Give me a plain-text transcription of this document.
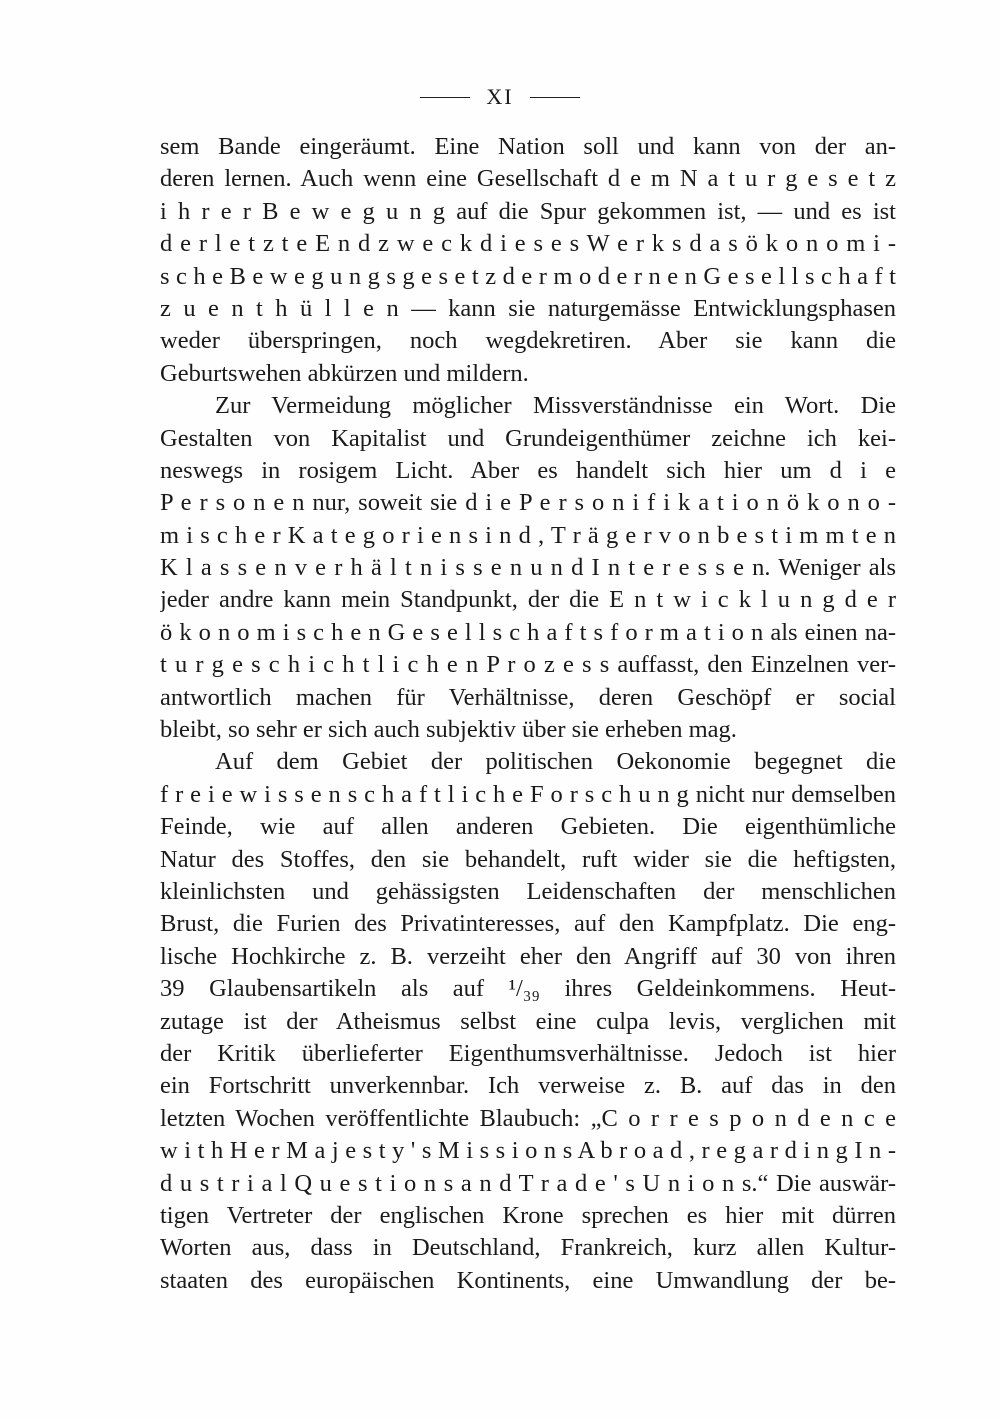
XI
sem Bande eingeräumt. Eine Nation soll und kann von der an-
deren lernen. Auch wenn eine Gesellschaft d e m N a t u r g e s e t z
i h r e r B e w e g u n g auf die Spur gekommen ist, — und es ist
d e r l e t z t e E n d z w e c k d i e s e s W e r k s d a s ö k o n o m i -
s c h e B e w e g u n g s g e s e t z d e r m o d e r n e n G e s e l l s c h a f t
z u e n t h ü l l e n — kann sie naturgemässe Entwicklungsphasen
weder überspringen, noch wegdekretiren. Aber sie kann die
Geburtswehen abkürzen und mildern.
Zur Vermeidung möglicher Missverständnisse ein Wort. Die
Gestalten von Kapitalist und Grundeigenthümer zeichne ich kei-
neswegs in rosigem Licht. Aber es handelt sich hier um d i e
P e r s o n e n nur, soweit sie d i e P e r s o n i f i k a t i o n ö k o n o -
m i s c h e r K a t e g o r i e n s i n d , T r ä g e r v o n b e s t i m m t e n
K l a s s e n v e r h ä l t n i s s e n u n d I n t e r e s s e n. Weniger als
jeder andre kann mein Standpunkt, der die E n t w i c k l u n g d e r
ö k o n o m i s c h e n G e s e l l s c h a f t s f o r m a t i o n als einen na-
t u r g e s c h i c h t l i c h e n P r o z e s s auffasst, den Einzelnen ver-
antwortlich machen für Verhältnisse, deren Geschöpf er social
bleibt, so sehr er sich auch subjektiv über sie erheben mag.
Auf dem Gebiet der politischen Oekonomie begegnet die
f r e i e w i s s e n s c h a f t l i c h e F o r s c h u n g nicht nur demselben
Feinde, wie auf allen anderen Gebieten. Die eigenthümliche
Natur des Stoffes, den sie behandelt, ruft wider sie die heftigsten,
kleinlichsten und gehässigsten Leidenschaften der menschlichen
Brust, die Furien des Privatinteresses, auf den Kampfplatz. Die eng-
lische Hochkirche z. B. verzeiht eher den Angriff auf 30 von ihren
39 Glaubensartikeln als auf ¹/₃₉ ihres Geldeinkommens. Heut-
zutage ist der Atheismus selbst eine culpa levis, verglichen mit
der Kritik überlieferter Eigenthumsverhältnisse. Jedoch ist hier
ein Fortschritt unverkennbar. Ich verweise z. B. auf das in den
letzten Wochen veröffentlichte Blaubuch: „C o r r e s p o n d e n c e
w i t h H e r M a j e s t y ' s M i s s i o n s A b r o a d , r e g a r d i n g I n -
d u s t r i a l Q u e s t i o n s a n d T r a d e ' s U n i o n s.“ Die auswär-
tigen Vertreter der englischen Krone sprechen es hier mit dürren
Worten aus, dass in Deutschland, Frankreich, kurz allen Kultur-
staaten des europäischen Kontinents, eine Umwandlung der be-
